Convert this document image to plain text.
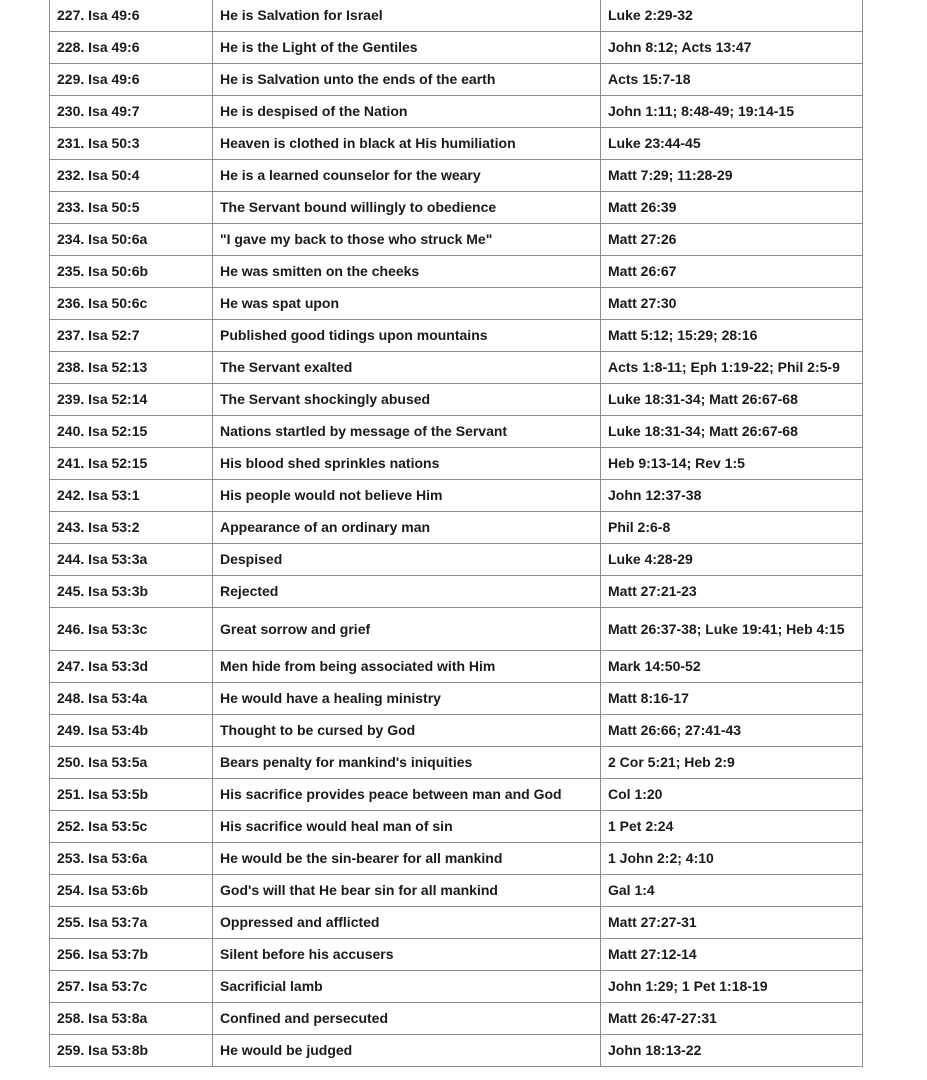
227. Isa 49:6	He is Salvation for Israel	Luke 2:29-32
228. Isa 49:6	He is the Light of the Gentiles	John 8:12; Acts 13:47
229. Isa 49:6	He is Salvation unto the ends of the earth	Acts 15:7-18
230. Isa 49:7	He is despised of the Nation	John 1:11; 8:48-49; 19:14-15
231. Isa 50:3	Heaven is clothed in black at His humiliation	Luke 23:44-45
232. Isa 50:4	He is a learned counselor for the weary	Matt 7:29; 11:28-29
233. Isa 50:5	The Servant bound willingly to obedience	Matt 26:39
234. Isa 50:6a	"I gave my back to those who struck Me"	Matt 27:26
235. Isa 50:6b	He was smitten on the cheeks	Matt 26:67
236. Isa 50:6c	He was spat upon	Matt 27:30
237. Isa 52:7	Published good tidings upon mountains	Matt 5:12; 15:29; 28:16
238. Isa 52:13	The Servant exalted	Acts 1:8-11; Eph 1:19-22; Phil 2:5-9
239. Isa 52:14	The Servant shockingly abused	Luke 18:31-34; Matt 26:67-68
240. Isa 52:15	Nations startled by message of the Servant	Luke 18:31-34; Matt 26:67-68
241. Isa 52:15	His blood shed sprinkles nations	Heb 9:13-14; Rev 1:5
242. Isa 53:1	His people would not believe Him	John 12:37-38
243. Isa 53:2	Appearance of an ordinary man	Phil 2:6-8
244. Isa 53:3a	Despised	Luke 4:28-29
245. Isa 53:3b	Rejected	Matt 27:21-23
246. Isa 53:3c	Great sorrow and grief	Matt 26:37-38; Luke 19:41; Heb 4:15
247. Isa 53:3d	Men hide from being associated with Him	Mark 14:50-52
248. Isa 53:4a	He would have a healing ministry	Matt 8:16-17
249. Isa 53:4b	Thought to be cursed by God	Matt 26:66; 27:41-43
250. Isa 53:5a	Bears penalty for mankind's iniquities	2 Cor 5:21; Heb 2:9
251. Isa 53:5b	His sacrifice provides peace between man and God	Col 1:20
252. Isa 53:5c	His sacrifice would heal man of sin	1 Pet 2:24
253. Isa 53:6a	He would be the sin-bearer for all mankind	1 John 2:2; 4:10
254. Isa 53:6b	God's will that He bear sin for all mankind	Gal 1:4
255. Isa 53:7a	Oppressed and afflicted	Matt 27:27-31
256. Isa 53:7b	Silent before his accusers	Matt 27:12-14
257. Isa 53:7c	Sacrificial lamb	John 1:29; 1 Pet 1:18-19
258. Isa 53:8a	Confined and persecuted	Matt 26:47-27:31
259. Isa 53:8b	He would be judged	John 18:13-22
